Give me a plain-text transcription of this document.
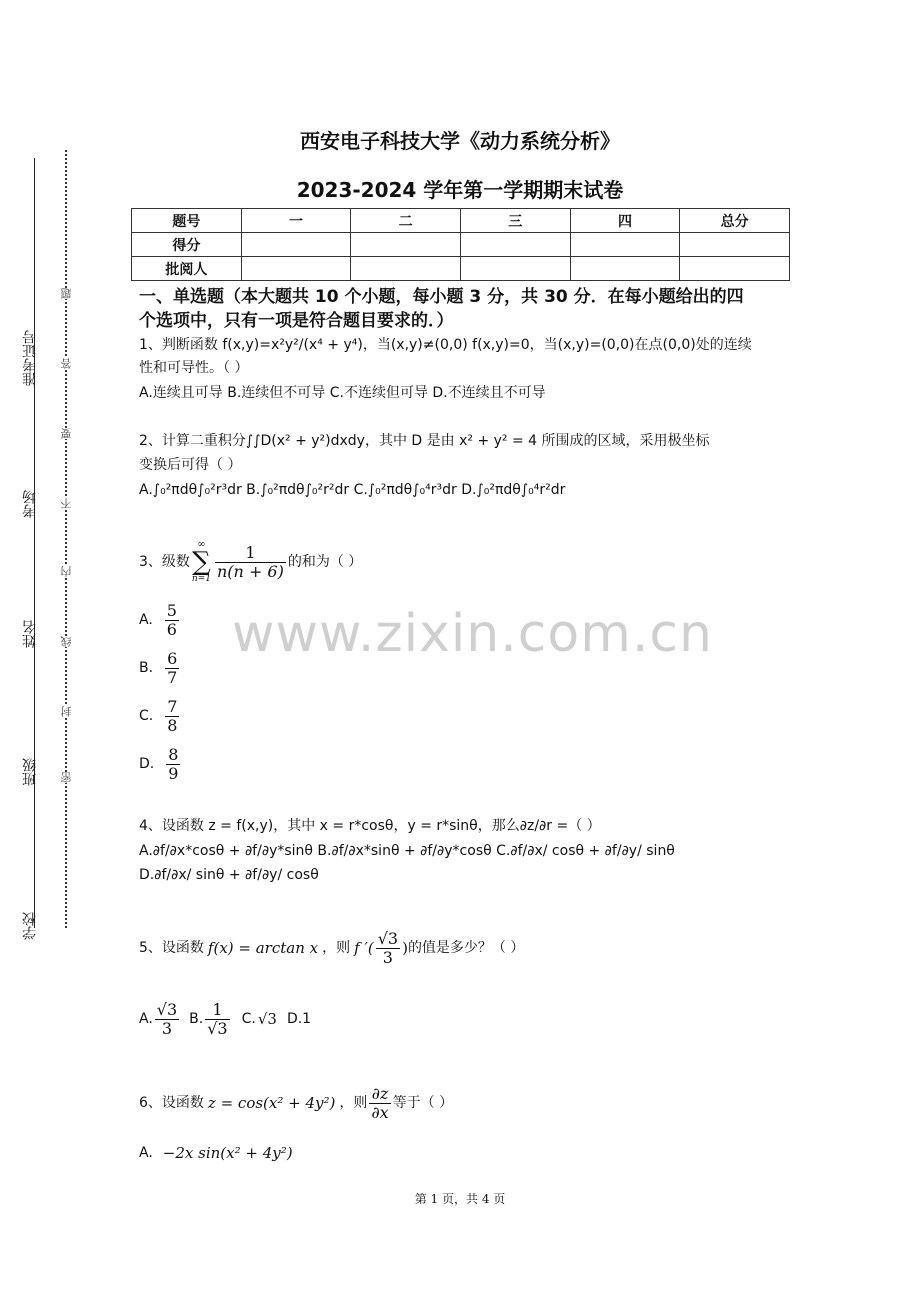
学校
班级
姓名
考场
准考证号
密
封
线
内
不
要
答
题
西安电子科技大学《动力系统分析》
2023-2024 学年第一学期期末试卷
题号	一	二	三	四	总分
得分					
批阅人					
一、单选题（本大题共 10 个小题，每小题 3 分，共 30 分．在每小题给出的四
个选项中，只有一项是符合题目要求的．）
1、判断函数 f(x,y)=x²y²/(x⁴ + y⁴)，当(x,y)≠(0,0) f(x,y)=0，当(x,y)=(0,0)在点(0,0)处的连续
性和可导性。（ ）
A.连续且可导 B.连续但不可导 C.不连续但可导 D.不连续且不可导
2、计算二重积分∫∫D(x² + y²)dxdy，其中 D 是由 x² + y² = 4 所围成的区域，采用极坐标
变换后可得（ ）
A.∫₀²πdθ∫₀²r³dr B.∫₀²πdθ∫₀²r²dr C.∫₀²πdθ∫₀⁴r³dr D.∫₀²πdθ∫₀⁴r²dr
3、级数
∞
∑
$n=1 \frac{1}{n(n + 6)}$ 的和为（ ）
A. $\frac{5}{6}$
B. $\frac{6}{7}$
C. $\frac{7}{8}$
D. $\frac{8}{9}$
www.zixin.com.cn
4、设函数 z = f(x,y)，其中 x = r*cosθ，y = r*sinθ，那么∂z/∂r =（ ）
A.∂f/∂x*cosθ + ∂f/∂y*sinθ B.∂f/∂x*sinθ + ∂f/∂y*cosθ C.∂f/∂x/ cosθ + ∂f/∂y/ sinθ
D.∂f/∂x/ sinθ + ∂f/∂y/ cosθ
5、设函数 f(x) = arctan x ，则 f ′( $\frac{√3}{3}$ ) 的值是多少？（ ）
A. $\frac{√3}{3} B$. $\frac{1}{√3} C$. √3 D.1
6、设函数 z = cos(x² + 4y²) ，则 $\frac{\partial z}{\partial x}$ 等于（ ）
A. −2x sin(x² + 4y²)
第 1 页，共 4 页
